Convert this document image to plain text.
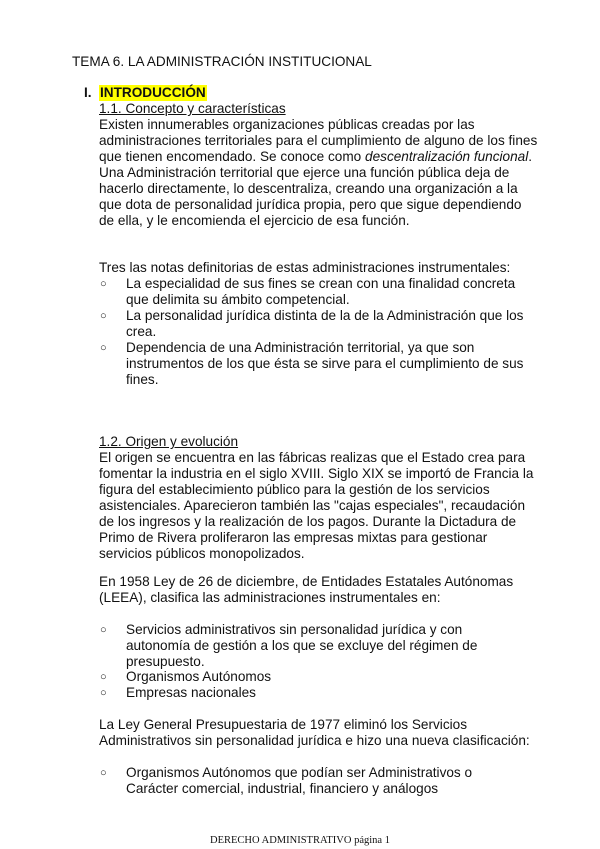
TEMA 6. LA ADMINISTRACIÓN INSTITUCIONAL
I. INTRODUCCIÓN
1.1. Concepto y características

Existen innumerables organizaciones públicas creadas por las administraciones territoriales para el cumplimiento de alguno de los fines que tienen encomendado. Se conoce como descentralización funcional. Una Administración territorial que ejerce una función pública deja de hacerlo directamente, lo descentraliza, creando una organización a la que dota de personalidad jurídica propia, pero que sigue dependiendo de ella, y le encomienda el ejercicio de esa función.

Tres las notas definitorias de estas administraciones instrumentales:
○ La especialidad de sus fines se crean con una finalidad concreta que delimita su ámbito competencial.
○ La personalidad jurídica distinta de la de la Administración que los crea.
○ Dependencia de una Administración territorial, ya que son instrumentos de los que ésta se sirve para el cumplimiento de sus fines.
1.2. Origen y evolución
El origen se encuentra en las fábricas realizas que el Estado crea para fomentar la industria en el siglo XVIII. Siglo XIX se importó de Francia la figura del establecimiento público para la gestión de los servicios asistenciales. Aparecieron también las "cajas especiales", recaudación de los ingresos y la realización de los pagos. Durante la Dictadura de Primo de Rivera proliferaron las empresas mixtas para gestionar servicios públicos monopolizados.
En 1958 Ley de 26 de diciembre, de Entidades Estatales Autónomas (LEEA), clasifica las administraciones instrumentales en:
○ Servicios administrativos sin personalidad jurídica y con autonomía de gestión a los que se excluye del régimen de presupuesto.
○ Organismos Autónomos
○ Empresas nacionales
La Ley General Presupuestaria de 1977 eliminó los Servicios Administrativos sin personalidad jurídica e hizo una nueva clasificación:
○ Organismos Autónomos que podían ser Administrativos o Carácter comercial, industrial, financiero y análogos
DERECHO ADMINISTRATIVO página 1
